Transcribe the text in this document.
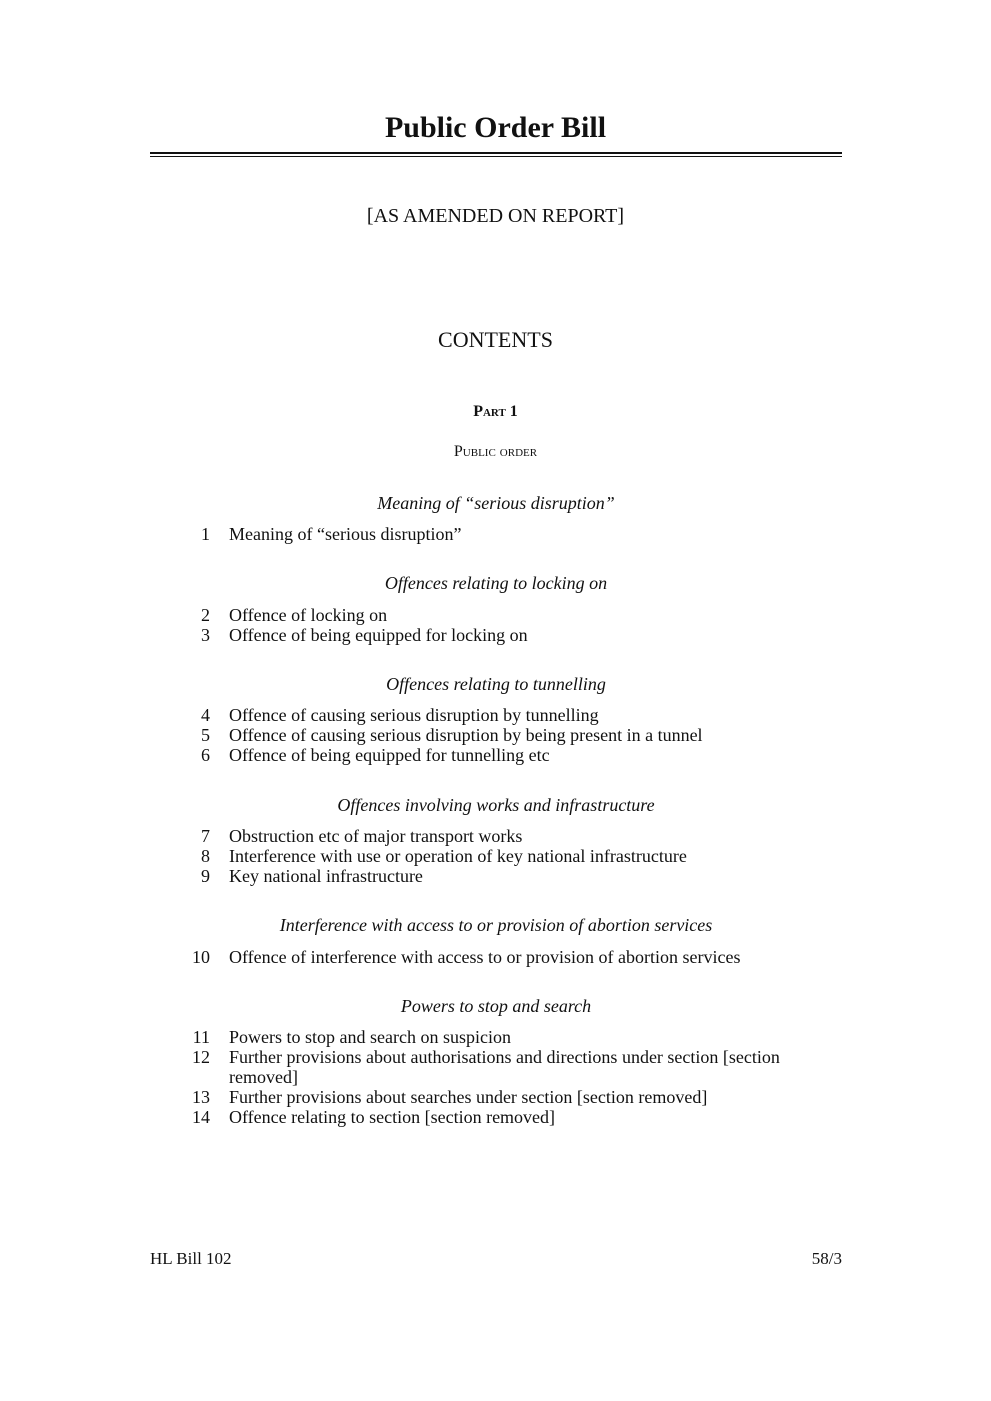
Public Order Bill
[AS AMENDED ON REPORT]
CONTENTS
Part 1
Public order
Meaning of “serious disruption”
1 Meaning of “serious disruption”
Offences relating to locking on
2 Offence of locking on
3 Offence of being equipped for locking on
Offences relating to tunnelling
4 Offence of causing serious disruption by tunnelling
5 Offence of causing serious disruption by being present in a tunnel
6 Offence of being equipped for tunnelling etc
Offences involving works and infrastructure
7 Obstruction etc of major transport works
8 Interference with use or operation of key national infrastructure
9 Key national infrastructure
Interference with access to or provision of abortion services
10 Offence of interference with access to or provision of abortion services
Powers to stop and search
11 Powers to stop and search on suspicion
12 Further provisions about authorisations and directions under section [section removed]
13 Further provisions about searches under section [section removed]
14 Offence relating to section [section removed]
HL Bill 102	58/3
